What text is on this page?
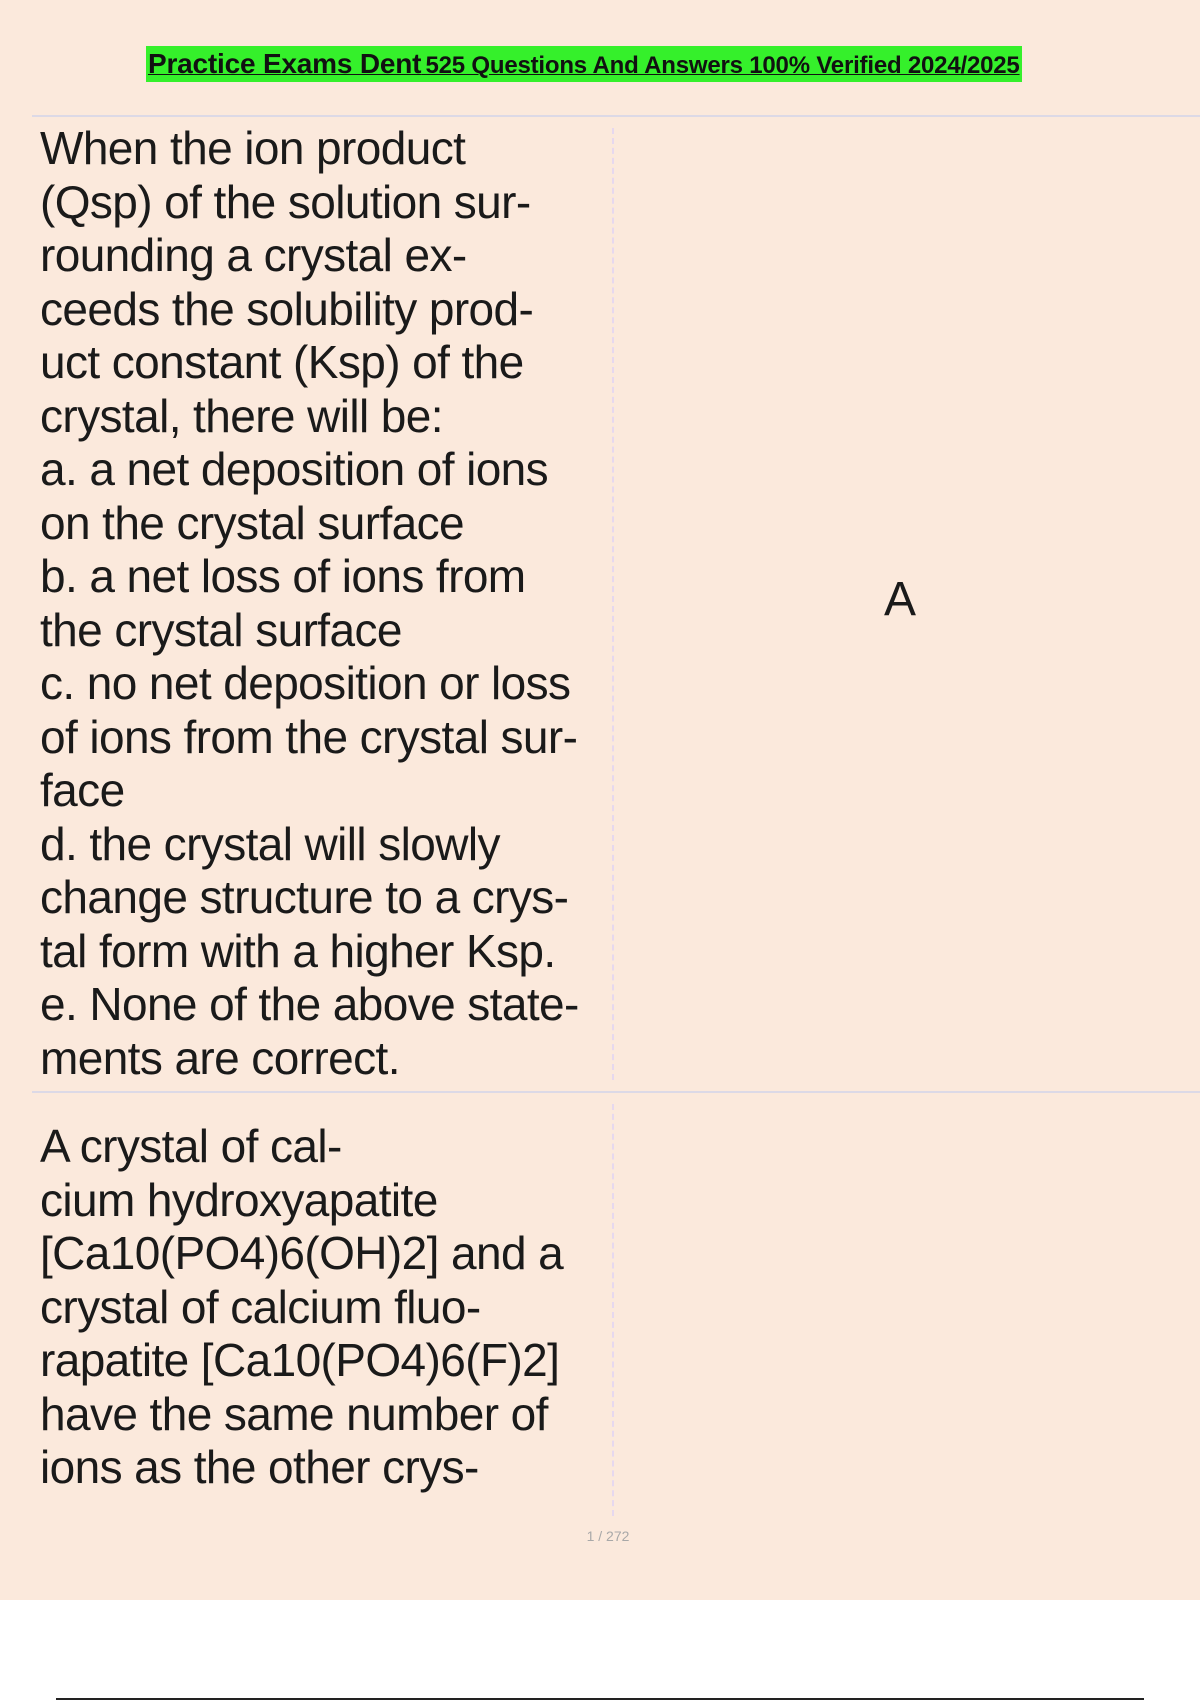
Practice Exams Dent 525 Questions And Answers 100% Verified 2024/2025
When the ion product
(Qsp) of the solution sur-
rounding a crystal ex-
ceeds the solubility prod-
uct constant (Ksp) of the
crystal, there will be:
a. a net deposition of ions
on the crystal surface
b. a net loss of ions from
the crystal surface
c. no net deposition or loss
of ions from the crystal sur-
face
d. the crystal will slowly
change structure to a crys-
tal form with a higher Ksp.
e. None of the above state-
ments are correct.
A
A crystal of cal-
cium hydroxyapatite
[Ca10(PO4)6(OH)2] and a
crystal of calcium fluo-
rapatite [Ca10(PO4)6(F)2]
have the same number of
ions as the other crys-
1 / 272
